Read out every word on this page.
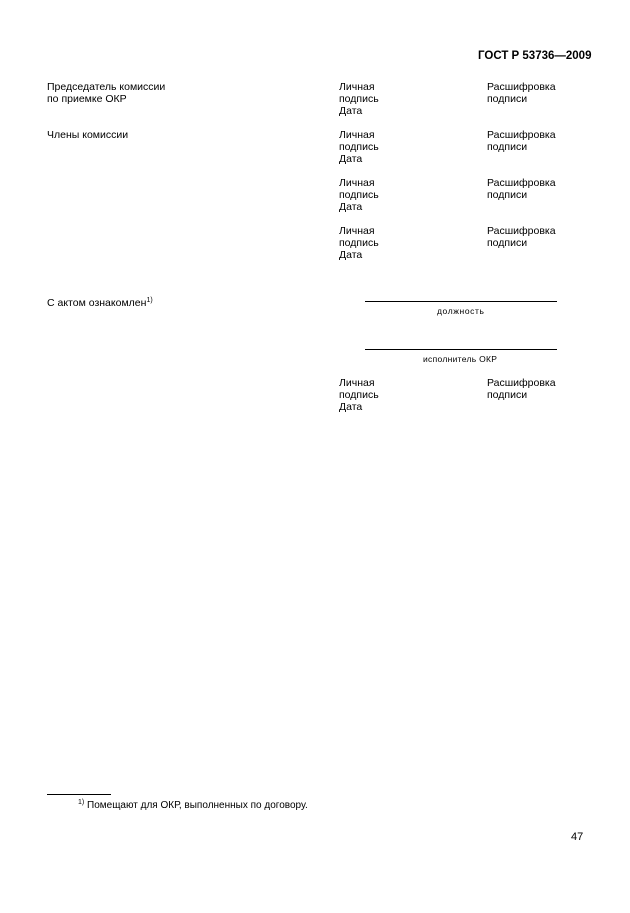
ГОСТ Р 53736—2009
Председатель комиссии
по приемке ОКР
Личная
подпись
Дата
Расшифровка
подписи
Члены комиссии	Личная
подпись
Дата
Расшифровка
подписи
Личная
подпись
Дата
Расшифровка
подписи
Личная
подпись
Дата
Расшифровка
подписи
С актом ознакомлен$^{1)}$
должность
исполнитель ОКР
Личная
подпись
Дата
Расшифровка
подписи
$^{1)}$ Помещают для ОКР, выполненных по договору.
47
